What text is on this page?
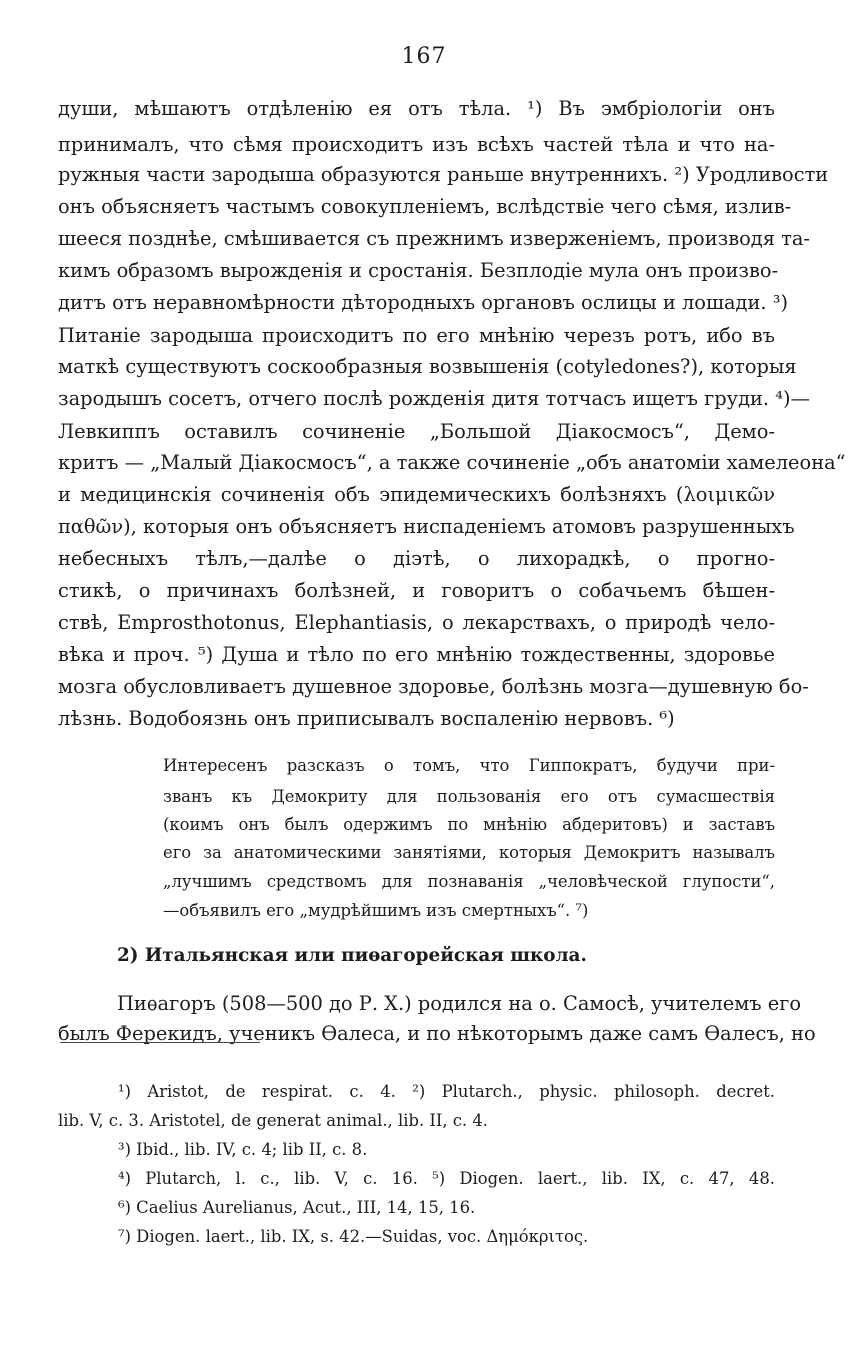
167

души, мѣшаютъ отдѣленію ея отъ тѣла. ¹) Въ эмбріологіи онъ

принималъ, что сѣмя происходитъ изъ всѣхъ частей тѣла и что на-

ружныя части зародыша образуются раньше внутреннихъ. ²) Уродливости

онъ объясняетъ частымъ совокупленіемъ, вслѣдствіе чего сѣмя, излив-

шееся позднѣе, смѣшивается съ прежнимъ изверженіемъ, производя та-

кимъ образомъ вырожденія и сростанія. Безплодіе мула онъ произво-

дитъ отъ неравномѣрности дѣтородныхъ органовъ ослицы и лошади. ³)

Питаніе зародыша происходитъ по его мнѣнію черезъ ротъ, ибо въ

маткѣ существуютъ соскообразныя возвышенія (cotyledones?), которыя

зародышъ сосетъ, отчего послѣ рожденія дитя тотчасъ ищетъ груди. ⁴)—

Левкиппъ оставилъ сочиненіе „Большой Діакосмосъ“, Демо-

критъ — „Малый Діакосмосъ“, а также сочиненіе „объ анатоміи хамелеона“

и медицинскія сочиненія объ эпидемическихъ болѣзняхъ (λοιμικῶν

παθῶν), которыя онъ объясняетъ ниспаденіемъ атомовъ разрушенныхъ

небесныхъ тѣлъ,—далѣе о діэтѣ, о лихорадкѣ, о прогно-

стикѣ, о причинахъ болѣзней, и говоритъ о собачьемъ бѣшен-

ствѣ, Emprosthotonus, Elephantiasis, о лекарствахъ, о природѣ чело-

вѣка и проч. ⁵) Душа и тѣло по его мнѣнію тождественны, здоровье

мозга обусловливаетъ душевное здоровье, болѣзнь мозга—душевную бо-

лѣзнь. Водобоязнь онъ приписывалъ воспаленію нервовъ. ⁶)

Интересенъ разсказъ о томъ, что Гиппократъ, будучи при-

званъ къ Демокриту для пользованія его отъ сумасшествія

(коимъ онъ былъ одержимъ по мнѣнію абдеритовъ) и заставъ

его за анатомическими занятіями, которыя Демокритъ называлъ

„лучшимъ средствомъ для познаванія „человѣческой глупости“,

—объявилъ его „мудрѣйшимъ изъ смертныхъ“. ⁷)

2) Итальянская или пиѳагорейская школа.

Пиѳагоръ (508—500 до Р. Х.) родился на о. Самосѣ, учителемъ его

былъ Ферекидъ, ученикъ Ѳалеса, и по нѣкоторымъ даже самъ Ѳалесъ, но

¹) Aristot, de respirat. c. 4. ²) Plutarch., physic. philosoph. decret.

lib. V, c. 3. Aristotel, de generat animal., lib. II, c. 4.

³) Ibid., lib. IV, c. 4; lib II, c. 8.

⁴) Plutarch, l. c., lib. V, c. 16. ⁵) Diogen. laert., lib. IX, c. 47, 48.

⁶) Caelius Aurelianus, Acut., III, 14, 15, 16.

⁷) Diogen. laert., lib. IX, s. 42.—Suidas, voc. Δημόκριτος.
